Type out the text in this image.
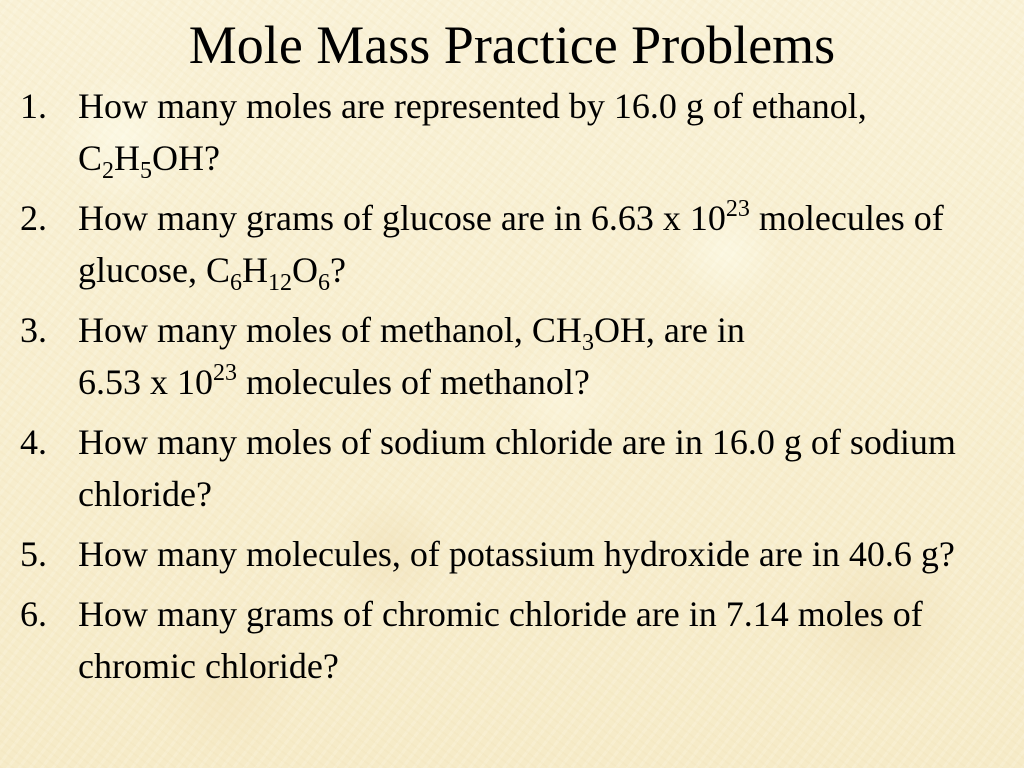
Mole Mass Practice Problems
1. How many moles are represented by 16.0 g of ethanol, $C_2H_5OH$?
2. How many grams of glucose are in 6.63 x $10^{23}$ molecules of glucose, $C_6H_{12}O_6$?
3. How many moles of methanol, $CH_3OH$, are in
6.53 x $10^{23}$ molecules of methanol?
4. How many moles of sodium chloride are in 16.0 g of sodium chloride?
5. How many molecules, of potassium hydroxide are in 40.6 g?
6. How many grams of chromic chloride are in 7.14 moles of chromic chloride?
